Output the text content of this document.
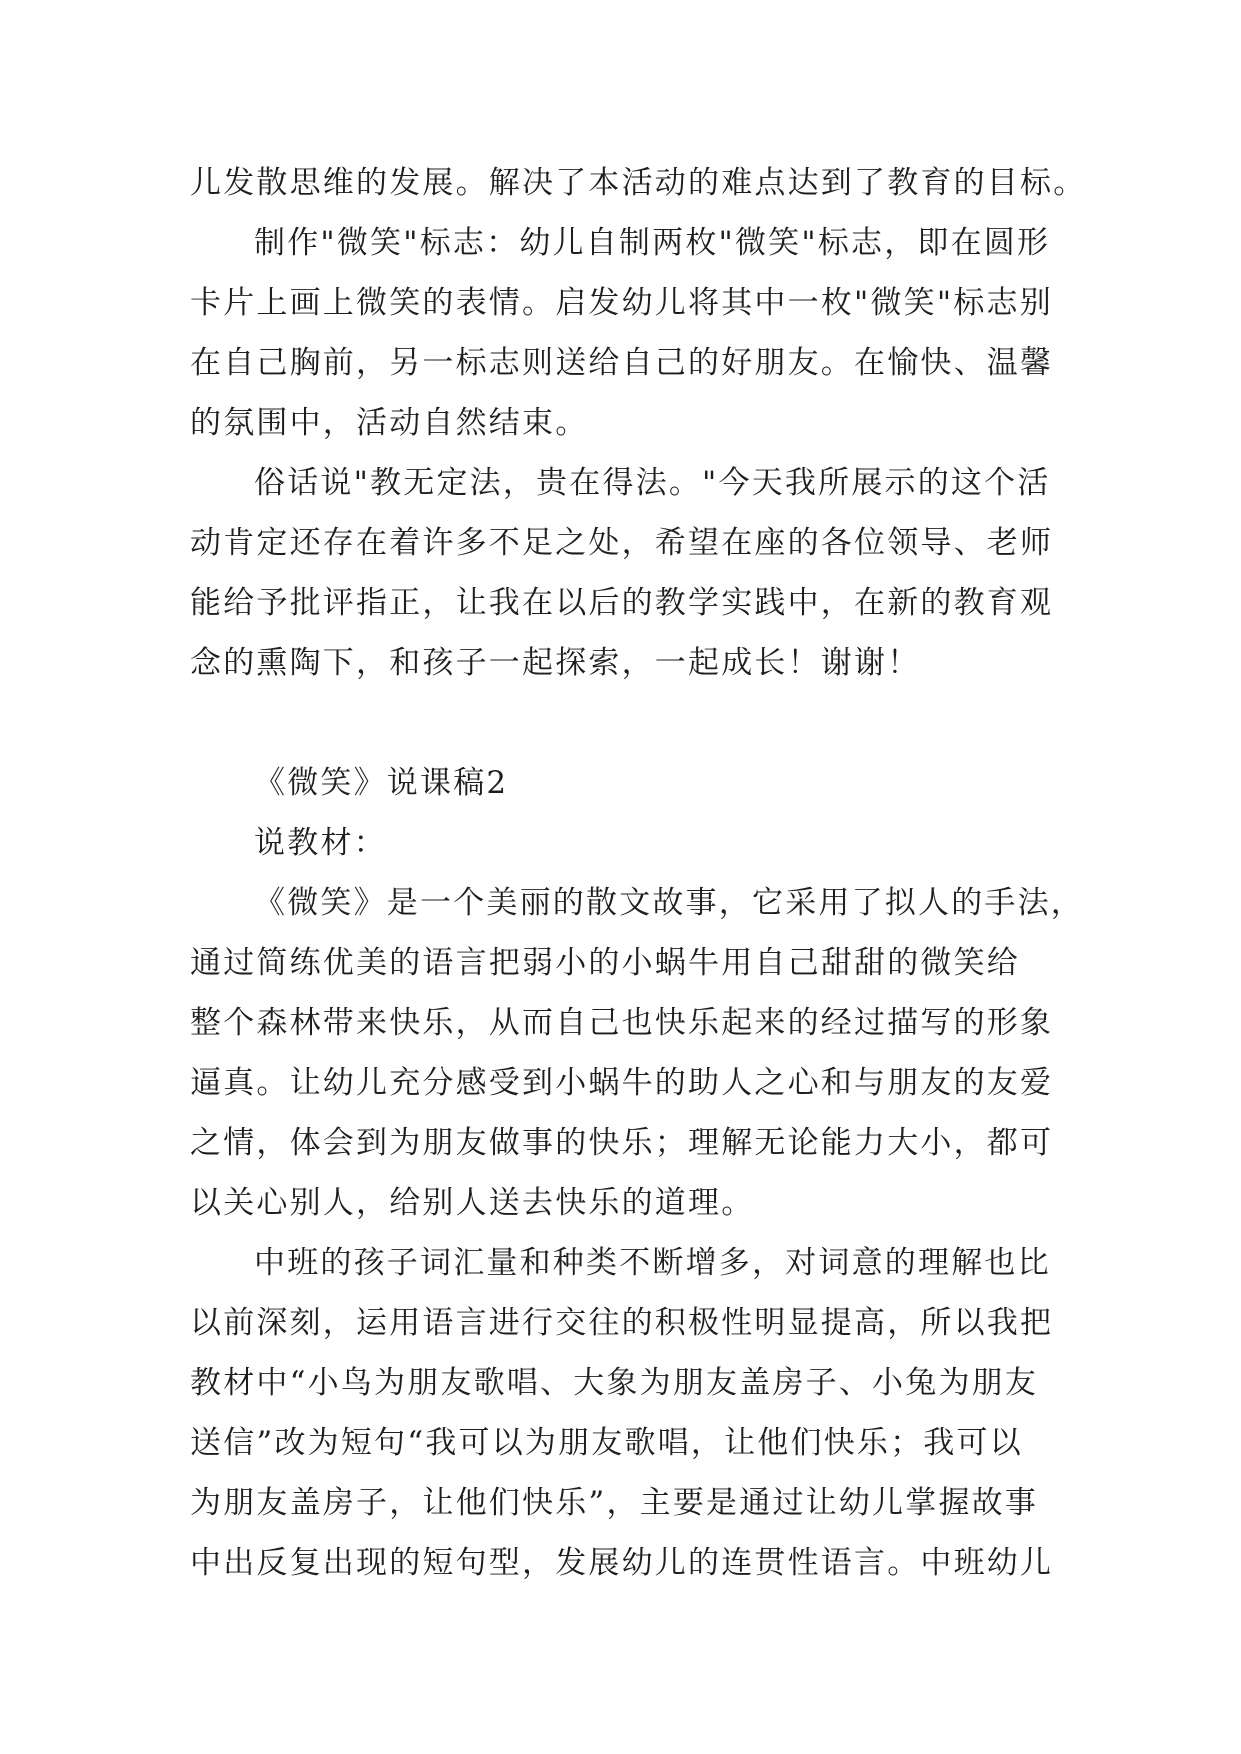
儿发散思维的发展。解决了本活动的难点达到了教育的目标。
制作"微笑"标志：幼儿自制两枚"微笑"标志，即在圆形
卡片上画上微笑的表情。启发幼儿将其中一枚"微笑"标志别
在自己胸前，另一标志则送给自己的好朋友。在愉快、温馨
的氛围中，活动自然结束。
俗话说"教无定法，贵在得法。"今天我所展示的这个活
动肯定还存在着许多不足之处，希望在座的各位领导、老师
能给予批评指正，让我在以后的教学实践中，在新的教育观
念的熏陶下，和孩子一起探索，一起成长！谢谢！
《微笑》说课稿2
说教材：
《微笑》是一个美丽的散文故事，它采用了拟人的手法，
通过简练优美的语言把弱小的小蜗牛用自己甜甜的微笑给
整个森林带来快乐，从而自己也快乐起来的经过描写的形象
逼真。让幼儿充分感受到小蜗牛的助人之心和与朋友的友爱
之情，体会到为朋友做事的快乐；理解无论能力大小，都可
以关心别人，给别人送去快乐的道理。
中班的孩子词汇量和种类不断增多，对词意的理解也比
以前深刻，运用语言进行交往的积极性明显提高，所以我把
教材中“小鸟为朋友歌唱、大象为朋友盖房子、小兔为朋友
送信”改为短句“我可以为朋友歌唱，让他们快乐；我可以
为朋友盖房子，让他们快乐”，主要是通过让幼儿掌握故事
中出反复出现的短句型，发展幼儿的连贯性语言。中班幼儿
